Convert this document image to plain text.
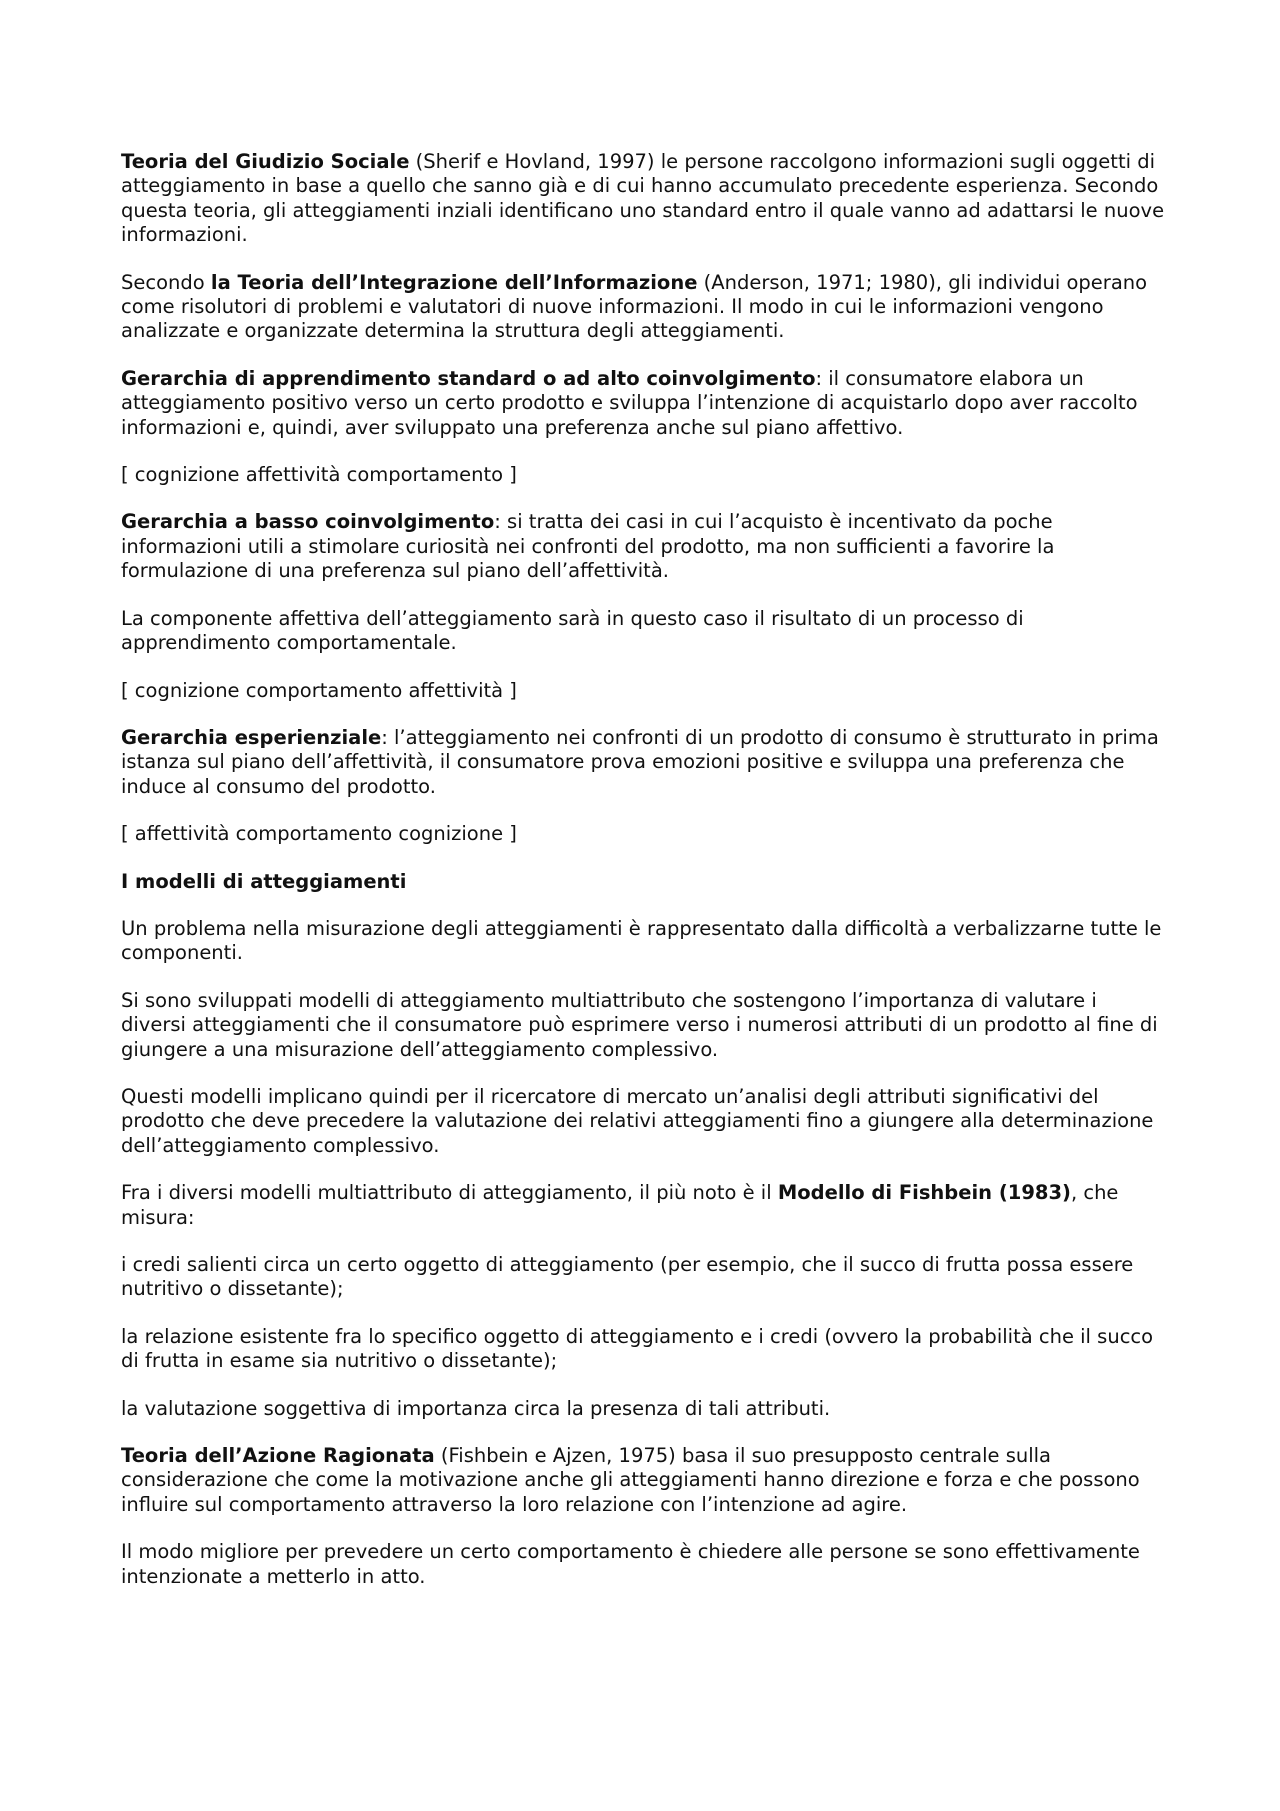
Teoria del Giudizio Sociale (Sherif e Hovland, 1997) le persone raccolgono informazioni sugli oggetti di atteggiamento in base a quello che sanno già e di cui hanno accumulato precedente esperienza. Secondo questa teoria, gli atteggiamenti inziali identificano uno standard entro il quale vanno ad adattarsi le nuove informazioni.

Secondo la Teoria dell’Integrazione dell’Informazione (Anderson, 1971; 1980), gli individui operano come risolutori di problemi e valutatori di nuove informazioni. Il modo in cui le informazioni vengono analizzate e organizzate determina la struttura degli atteggiamenti.

Gerarchia di apprendimento standard o ad alto coinvolgimento: il consumatore elabora un atteggiamento positivo verso un certo prodotto e sviluppa l’intenzione di acquistarlo dopo aver raccolto informazioni e, quindi, aver sviluppato una preferenza anche sul piano affettivo.

[ cognizione affettività comportamento ]

Gerarchia a basso coinvolgimento: si tratta dei casi in cui l’acquisto è incentivato da poche informazioni utili a stimolare curiosità nei confronti del prodotto, ma non sufficienti a favorire la formulazione di una preferenza sul piano dell’affettività.

La componente affettiva dell’atteggiamento sarà in questo caso il risultato di un processo di apprendimento comportamentale.

[ cognizione comportamento affettività ]

Gerarchia esperienziale: l’atteggiamento nei confronti di un prodotto di consumo è strutturato in prima istanza sul piano dell’affettività, il consumatore prova emozioni positive e sviluppa una preferenza che induce al consumo del prodotto.

[ affettività comportamento cognizione ]

I modelli di atteggiamenti

Un problema nella misurazione degli atteggiamenti è rappresentato dalla difficoltà a verbalizzarne tutte le componenti.

Si sono sviluppati modelli di atteggiamento multiattributo che sostengono l’importanza di valutare i diversi atteggiamenti che il consumatore può esprimere verso i numerosi attributi di un prodotto al fine di giungere a una misurazione dell’atteggiamento complessivo.

Questi modelli implicano quindi per il ricercatore di mercato un’analisi degli attributi significativi del prodotto che deve precedere la valutazione dei relativi atteggiamenti fino a giungere alla determinazione dell’atteggiamento complessivo.

Fra i diversi modelli multiattributo di atteggiamento, il più noto è il Modello di Fishbein (1983), che misura:

i credi salienti circa un certo oggetto di atteggiamento (per esempio, che il succo di frutta possa essere nutritivo o dissetante);

la relazione esistente fra lo specifico oggetto di atteggiamento e i credi (ovvero la probabilità che il succo di frutta in esame sia nutritivo o dissetante);

la valutazione soggettiva di importanza circa la presenza di tali attributi.

Teoria dell’Azione Ragionata (Fishbein e Ajzen, 1975) basa il suo presupposto centrale sulla considerazione che come la motivazione anche gli atteggiamenti hanno direzione e forza e che possono influire sul comportamento attraverso la loro relazione con l’intenzione ad agire.

Il modo migliore per prevedere un certo comportamento è chiedere alle persone se sono effettivamente intenzionate a metterlo in atto.
